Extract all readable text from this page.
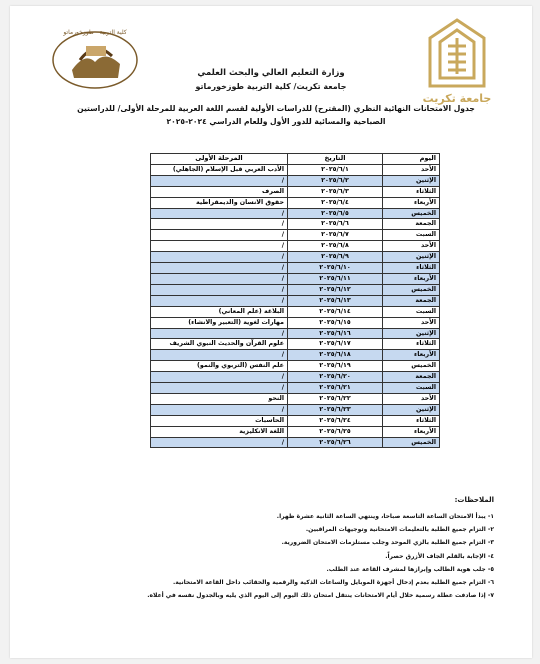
جامعة تكريت
كلية التربية - طوزخورماتو
وزارة التعليم العالي والبحث العلمي
جامعة تكريت/ كلية التربية طوزخورماتو
جدول الامتحانات النهائية النظري (المقترح) للدراسات الأولية لقسم اللغة العربية للمرحلة الأولى/ للدراستين
الصباحية والمسائية للدور الأول وللعام الدراسي ٢٠٢٤-٢٠٢٥
اليوم	التاريخ	المرحلة الأولى
الأحد	٢٠٢٥/٦/١	الأدب العربي قبل الإسلام (الجاهلي)
الإثنين	٢٠٢٥/٦/٢	/
الثلاثاء	٢٠٢٥/٦/٣	الصرف
الأربعاء	٢٠٢٥/٦/٤	حقوق الانسان والديمقراطية
الخميس	٢٠٢٥/٦/٥	/
الجمعة	٢٠٢٥/٦/٦	/
السبت	٢٠٢٥/٦/٧	/
الأحد	٢٠٢٥/٦/٨	/
الإثنين	٢٠٢٥/٦/٩	/
الثلاثاء	٢٠٢٥/٦/١٠	/
الأربعاء	٢٠٢٥/٦/١١	/
الخميس	٢٠٢٥/٦/١٢	/
الجمعة	٢٠٢٥/٦/١٣	/
السبت	٢٠٢٥/٦/١٤	البلاغة (علم المعاني)
الأحد	٢٠٢٥/٦/١٥	مهارات لغوية (التعبير والانشاء)
الإثنين	٢٠٢٥/٦/١٦	/
الثلاثاء	٢٠٢٥/٦/١٧	علوم القرآن والحديث النبوي الشريف
الأربعاء	٢٠٢٥/٦/١٨	/
الخميس	٢٠٢٥/٦/١٩	علم النفس (التربوي والنمو)
الجمعة	٢٠٢٥/٦/٢٠	/
السبت	٢٠٢٥/٦/٢١	/
الأحد	٢٠٢٥/٦/٢٢	النحو
الإثنين	٢٠٢٥/٦/٢٣	/
الثلاثاء	٢٠٢٥/٦/٢٤	الحاسبات
الأربعاء	٢٠٢٥/٦/٢٥	اللغة الانكليزية
الخميس	٢٠٢٥/٦/٢٦	/
الملاحظات:
١- يبدأ الامتحان الساعة التاسعة صباحا، وينتهي الساعة الثانية عشرة ظهرا.
٢- التزام جميع الطلبة بالتعليمات الامتحانية وتوجيهات المراقبين.
٣- التزام جميع الطلبة بالزي الموحد وجلب مستلزمات الامتحان الضرورية.
٤- الإجابة بالقلم الجاف الأزرق حصراً.
٥- جلب هوية الطالب وإبرازها لمشرف القاعة عند الطلب.
٦- التزام جميع الطلبة بعدم إدخال أجهزة الموبايل والساعات الذكية والرقمية والحقائب داخل القاعة الامتحانية.
٧- إذا صادفت عطلة رسمية خلال أيام الامتحانات ينتقل امتحان ذلك اليوم إلى اليوم الذي يليه وبالجدول نفسه في أعلاه.
